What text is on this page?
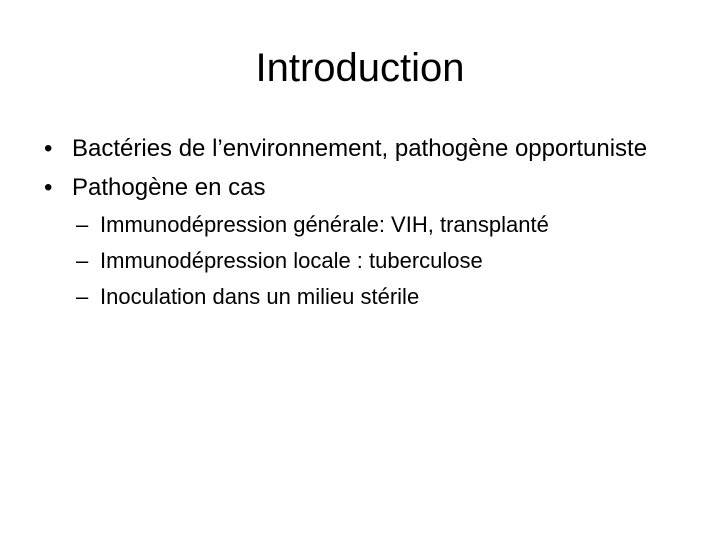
Introduction
• Bactéries de l’environnement, pathogène opportuniste
• Pathogène en cas
– Immunodépression générale: VIH, transplanté
– Immunodépression locale : tuberculose
– Inoculation dans un milieu stérile
